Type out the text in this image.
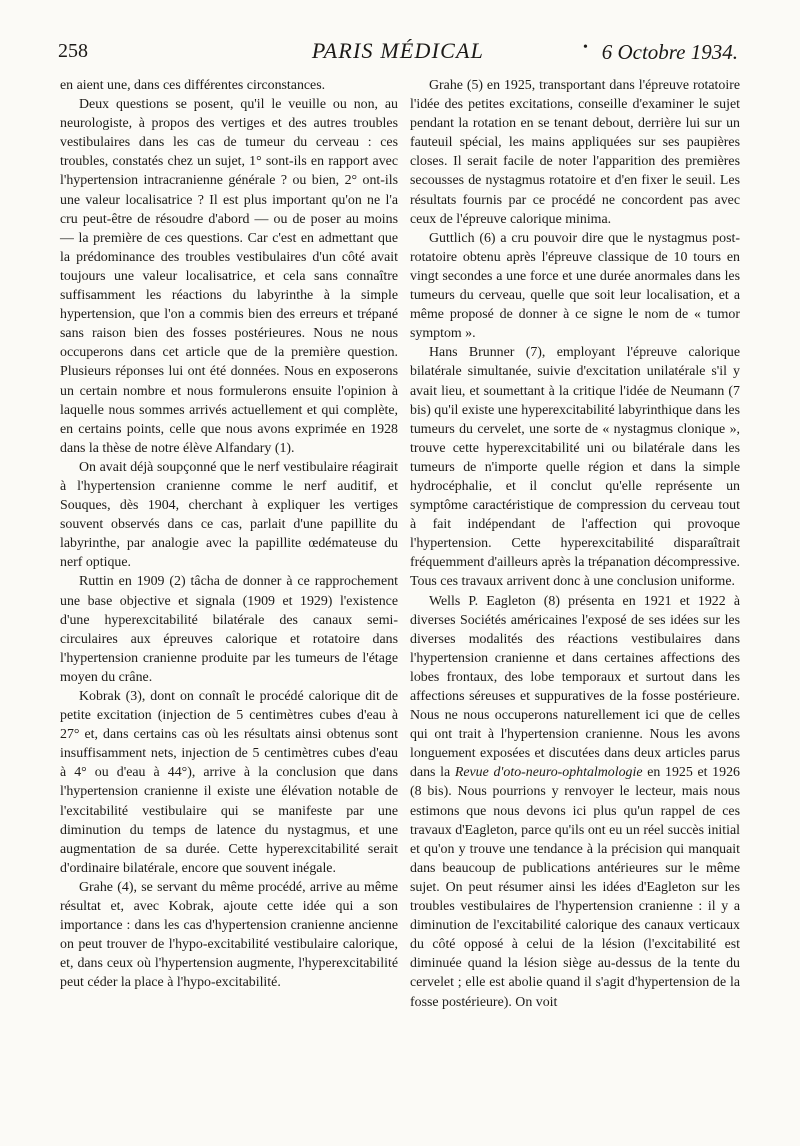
258	PARIS MÉDICAL	• 6 Octobre 1934.

en aient une, dans ces différentes circonstances.

Deux questions se posent, qu'il le veuille ou non, au neurologiste, à propos des vertiges et des autres troubles vestibulaires dans les cas de tumeur du cerveau : ces troubles, constatés chez un sujet, 1° sont-ils en rapport avec l'hypertension intracranienne générale ? ou bien, 2° ont-ils une valeur localisatrice ? Il est plus important qu'on ne l'a cru peut-être de résoudre d'abord — ou de poser au moins — la première de ces questions. Car c'est en admettant que la prédominance des troubles vestibulaires d'un côté avait toujours une valeur localisatrice, et cela sans connaître suffisamment les réactions du labyrinthe à la simple hypertension, que l'on a commis bien des erreurs et trépané sans raison bien des fosses postérieures. Nous ne nous occuperons dans cet article que de la première question. Plusieurs réponses lui ont été données. Nous en exposerons un certain nombre et nous formulerons ensuite l'opinion à laquelle nous sommes arrivés actuellement et qui complète, en certains points, celle que nous avons exprimée en 1928 dans la thèse de notre élève Alfandary (1).

On avait déjà soupçonné que le nerf vestibulaire réagirait à l'hypertension cranienne comme le nerf auditif, et Souques, dès 1904, cherchant à expliquer les vertiges souvent observés dans ce cas, parlait d'une papillite du labyrinthe, par analogie avec la papillite œdémateuse du nerf optique.

Ruttin en 1909 (2) tâcha de donner à ce rapprochement une base objective et signala (1909 et 1929) l'existence d'une hyperexcitabilité bilatérale des canaux semi-circulaires aux épreuves calorique et rotatoire dans l'hypertension cranienne produite par les tumeurs de l'étage moyen du crâne.

Kobrak (3), dont on connaît le procédé calorique dit de petite excitation (injection de 5 centimètres cubes d'eau à 27° et, dans certains cas où les résultats ainsi obtenus sont insuffisamment nets, injection de 5 centimètres cubes d'eau à 4° ou d'eau à 44°), arrive à la conclusion que dans l'hypertension cranienne il existe une élévation notable de l'excitabilité vestibulaire qui se manifeste par une diminution du temps de latence du nystagmus, et une augmentation de sa durée. Cette hyperexcitabilité serait d'ordinaire bilatérale, encore que souvent inégale.

Grahe (4), se servant du même procédé, arrive au même résultat et, avec Kobrak, ajoute cette idée qui a son importance : dans les cas d'hypertension cranienne ancienne on peut trouver de l'hypo-excitabilité vestibulaire calorique, et, dans ceux où l'hypertension augmente, l'hyperexcitabilité peut céder la place à l'hypo-excitabilité.

Grahe (5) en 1925, transportant dans l'épreuve rotatoire l'idée des petites excitations, conseille d'examiner le sujet pendant la rotation en se tenant debout, derrière lui sur un fauteuil spécial, les mains appliquées sur ses paupières closes. Il serait facile de noter l'apparition des premières secousses de nystagmus rotatoire et d'en fixer le seuil. Les résultats fournis par ce procédé ne concordent pas avec ceux de l'épreuve calorique minima.

Guttlich (6) a cru pouvoir dire que le nystagmus post-rotatoire obtenu après l'épreuve classique de 10 tours en vingt secondes a une force et une durée anormales dans les tumeurs du cerveau, quelle que soit leur localisation, et a même proposé de donner à ce signe le nom de « tumor symptom ».

Hans Brunner (7), employant l'épreuve calorique bilatérale simultanée, suivie d'excitation unilatérale s'il y avait lieu, et soumettant à la critique l'idée de Neumann (7 bis) qu'il existe une hyperexcitabilité labyrinthique dans les tumeurs du cervelet, une sorte de « nystagmus clonique », trouve cette hyperexcitabilité uni ou bilatérale dans les tumeurs de n'importe quelle région et dans la simple hydrocéphalie, et il conclut qu'elle représente un symptôme caractéristique de compression du cerveau tout à fait indépendant de l'affection qui provoque l'hypertension. Cette hyperexcitabilité disparaîtrait fréquemment d'ailleurs après la trépanation décompressive. Tous ces travaux arrivent donc à une conclusion uniforme.

Wells P. Eagleton (8) présenta en 1921 et 1922 à diverses Sociétés américaines l'exposé de ses idées sur les diverses modalités des réactions vestibulaires dans l'hypertension cranienne et dans certaines affections des lobes frontaux, des lobe temporaux et surtout dans les affections séreuses et suppuratives de la fosse postérieure. Nous ne nous occuperons naturellement ici que de celles qui ont trait à l'hypertension cranienne. Nous les avons longuement exposées et discutées dans deux articles parus dans la Revue d'oto-neuro-ophtalmologie en 1925 et 1926 (8 bis). Nous pourrions y renvoyer le lecteur, mais nous estimons que nous devons ici plus qu'un rappel de ces travaux d'Eagleton, parce qu'ils ont eu un réel succès initial et qu'on y trouve une tendance à la précision qui manquait dans beaucoup de publications antérieures sur le même sujet. On peut résumer ainsi les idées d'Eagleton sur les troubles vestibulaires de l'hypertension cranienne : il y a diminution de l'excitabilité calorique des canaux verticaux du côté opposé à celui de la lésion (l'excitabilité est diminuée quand la lésion siège au-dessus de la tente du cervelet ; elle est abolie quand il s'agit d'hypertension de la fosse postérieure). On voit
